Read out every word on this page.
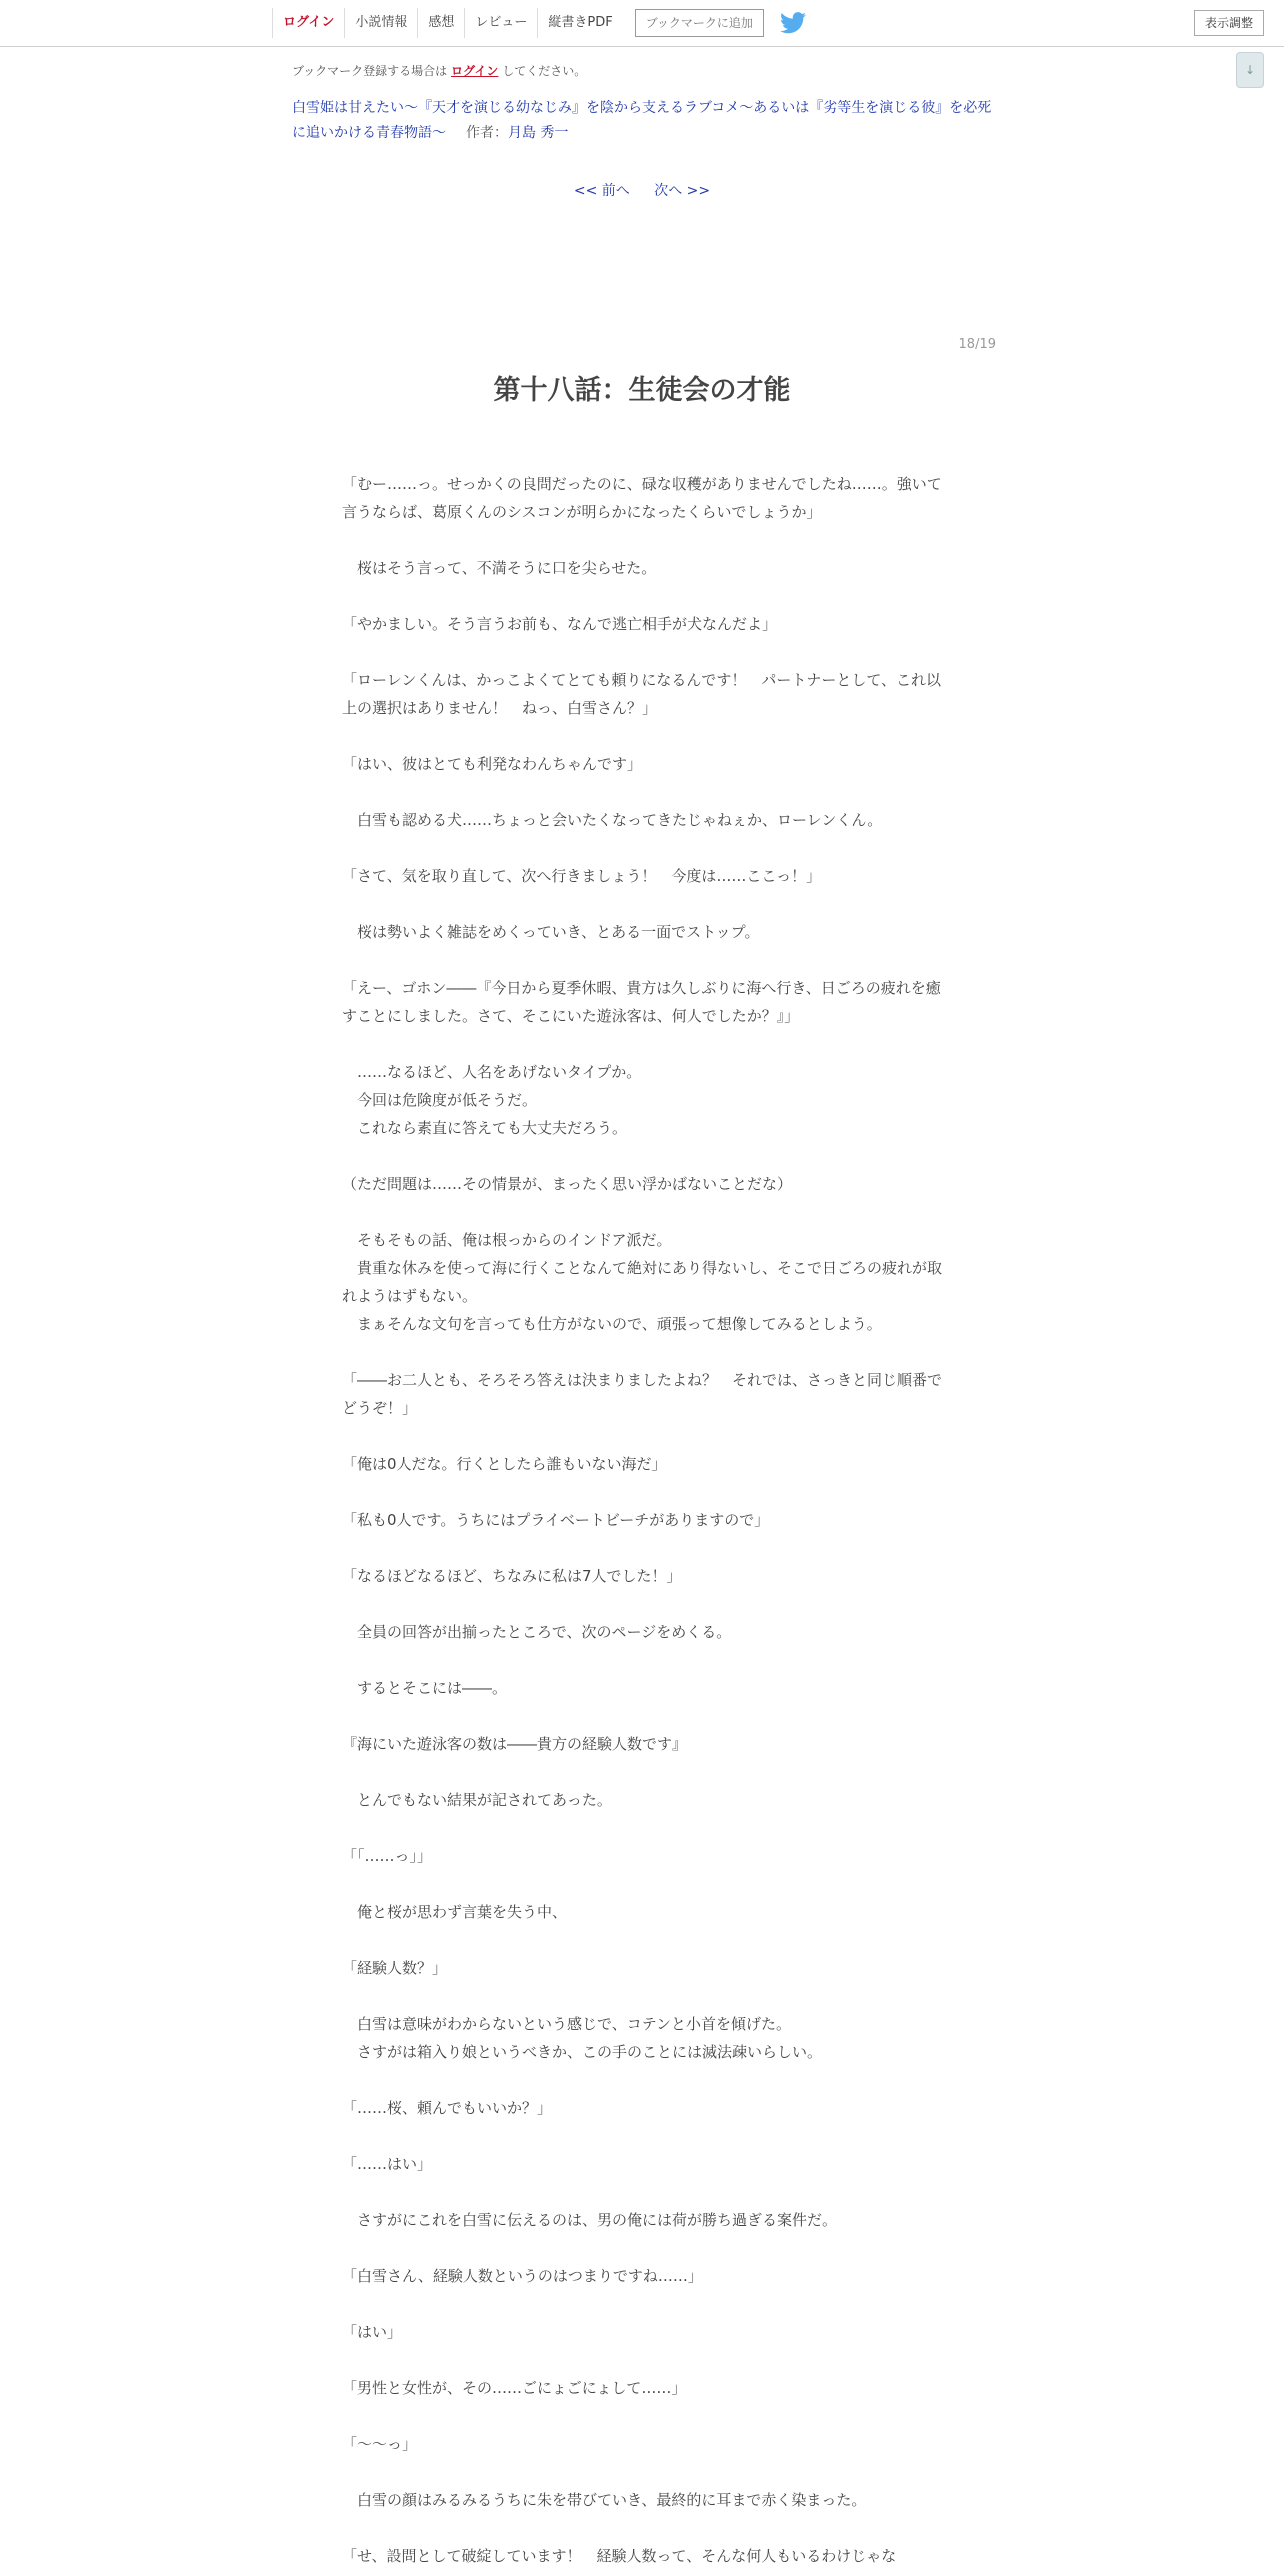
ログイン	小説情報	感想	レビュー	縦書きPDF	ブックマークに追加	表示調整
↓
ブックマーク登録する場合は ログイン してください。
白雪姫は甘えたい～『天才を演じる幼なじみ』を陰から支えるラブコメ～あるいは『劣等生を演じる彼』を必死に追いかける青春物語～ 作者：月島 秀一
<< 前へ 次へ >>
18/19
第十八話：生徒会の才能

「むー……っ。せっかくの良問だったのに、碌な収穫がありませんでしたね……。強いて言うならば、葛原くんのシスコンが明らかになったくらいでしょうか」

　桜はそう言って、不満そうに口を尖らせた。

「やかましい。そう言うお前も、なんで逃亡相手が犬なんだよ」

「ローレンくんは、かっこよくてとても頼りになるんです！　パートナーとして、これ以上の選択はありません！　ねっ、白雪さん？」

「はい、彼はとても利発なわんちゃんです」

　白雪も認める犬……ちょっと会いたくなってきたじゃねぇか、ローレンくん。

「さて、気を取り直して、次へ行きましょう！　今度は……ここっ！」

　桜は勢いよく雑誌をめくっていき、とある一面でストップ。

「えー、ゴホン――『今日から夏季休暇、貴方は久しぶりに海へ行き、日ごろの疲れを癒すことにしました。さて、そこにいた遊泳客は、何人でしたか？』」

　……なるほど、人名をあげないタイプか。

　今回は危険度が低そうだ。

　これなら素直に答えても大丈夫だろう。

（ただ問題は……その情景が、まったく思い浮かばないことだな）

　そもそもの話、俺は根っからのインドア派だ。

　貴重な休みを使って海に行くことなんて絶対にあり得ないし、そこで日ごろの疲れが取れようはずもない。

　まぁそんな文句を言っても仕方がないので、頑張って想像してみるとしよう。

「――お二人とも、そろそろ答えは決まりましたよね？　それでは、さっきと同じ順番でどうぞ！」

「俺は0人だな。行くとしたら誰もいない海だ」

「私も0人です。うちにはプライベートビーチがありますので」

「なるほどなるほど、ちなみに私は7人でした！」

　全員の回答が出揃ったところで、次のページをめくる。

　するとそこには――。

『海にいた遊泳客の数は――貴方の経験人数です』

　とんでもない結果が記されてあった。

「「……っ」」

　俺と桜が思わず言葉を失う中、

「経験人数？」

　白雪は意味がわからないという感じで、コテンと小首を傾げた。

　さすがは箱入り娘というべきか、この手のことには滅法疎いらしい。

「……桜、頼んでもいいか？」

「……はい」

　さすがにこれを白雪に伝えるのは、男の俺には荷が勝ち過ぎる案件だ。

「白雪さん、経験人数というのはつまりですね……」

「はい」

「男性と女性が、その……ごにょごにょして……」

「～～っ」

　白雪の顔はみるみるうちに朱を帯びていき、最終的に耳まで赤く染まった。

「せ、設問として破綻しています！　経験人数って、そんな何人もいるわけじゃな
